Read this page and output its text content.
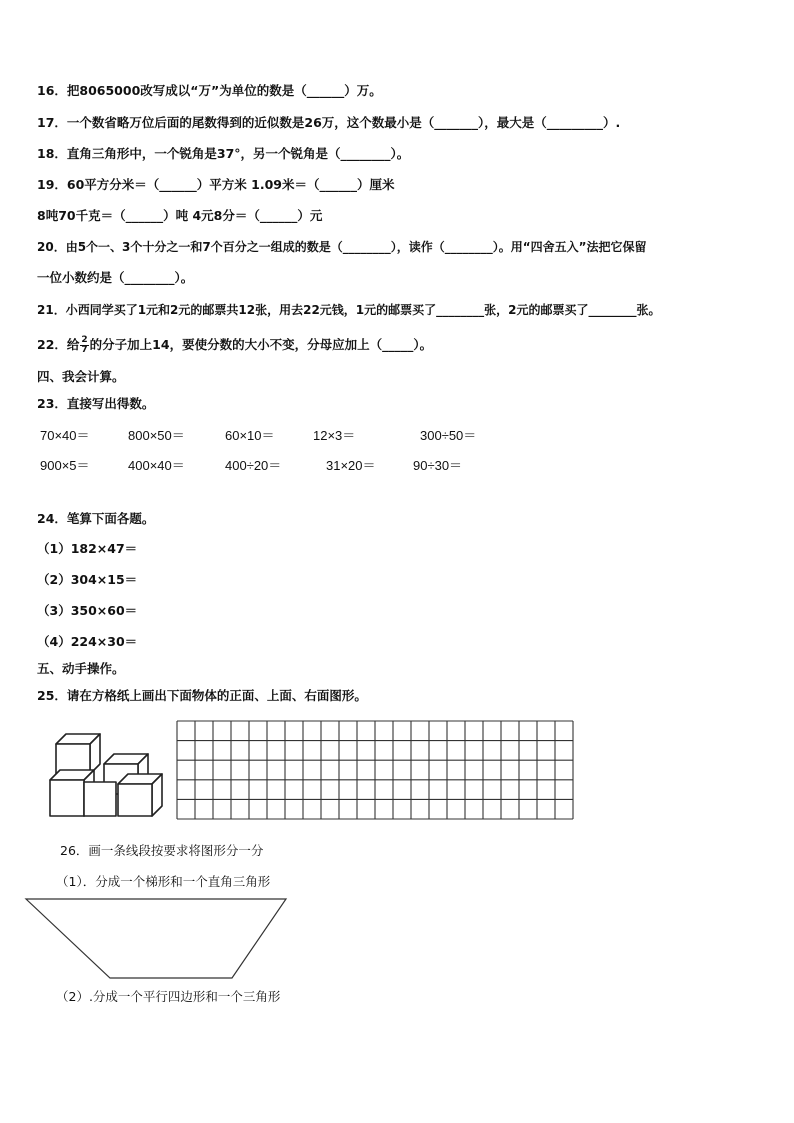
16．把8065000改写成以“万”为单位的数是（______）万。
17．一个数省略万位后面的尾数得到的近似数是26万，这个数最小是（_______），最大是（_________）.
18．直角三角形中，一个锐角是37°，另一个锐角是（________）。
19．60平方分米＝（______）平方米 1.09米＝（______）厘米
8吨70千克＝（______）吨 4元8分＝（______）元
20．由5个一、3个十分之一和7个百分之一组成的数是（________），读作（________）。用“四舍五入”法把它保留
一位小数约是（________）。
21．小西同学买了1元和2元的邮票共12张，用去22元钱，1元的邮票买了________张，2元的邮票买了________张。
22．给 $\frac{2}{7}$ 的分子加上14，要使分数的大小不变，分母应加上（_____）。
四、我会计算。
23．直接写出得数。
70×40＝	800×50＝	60×10＝	12×3＝	300÷50＝
900×5＝	400×40＝	400÷20＝	31×20＝	90÷30＝
24．笔算下面各题。
（1）182×47＝
（2）304×15＝
（3）350×60＝
（4）224×30＝
五、动手操作。
25．请在方格纸上画出下面物体的正面、上面、右面图形。
26．画一条线段按要求将图形分一分
（1）．分成一个梯形和一个直角三角形
（2）.分成一个平行四边形和一个三角形
